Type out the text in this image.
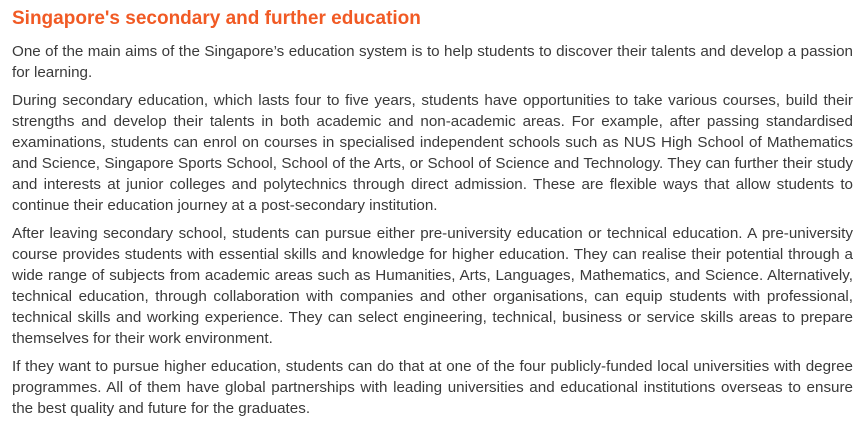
Singapore's secondary and further education

One of the main aims of the Singapore’s education system is to help students to discover their talents and develop a passion for learning.

During secondary education, which lasts four to five years, students have opportunities to take various courses, build their strengths and develop their talents in both academic and non-academic areas. For example, after passing standardised examinations, students can enrol on courses in specialised independent schools such as NUS High School of Mathematics and Science, Singapore Sports School, School of the Arts, or School of Science and Technology. They can further their study and interests at junior colleges and polytechnics through direct admission. These are flexible ways that allow students to continue their education journey at a post-secondary institution.

After leaving secondary school, students can pursue either pre-university education or technical education. A pre-university course provides students with essential skills and knowledge for higher education. They can realise their potential through a wide range of subjects from academic areas such as Humanities, Arts, Languages, Mathematics, and Science. Alternatively, technical education, through collaboration with companies and other organisations, can equip students with professional, technical skills and working experience. They can select engineering, technical, business or service skills areas to prepare themselves for their work environment.

If they want to pursue higher education, students can do that at one of the four publicly-funded local universities with degree programmes. All of them have global partnerships with leading universities and educational institutions overseas to ensure the best quality and future for the graduates.
